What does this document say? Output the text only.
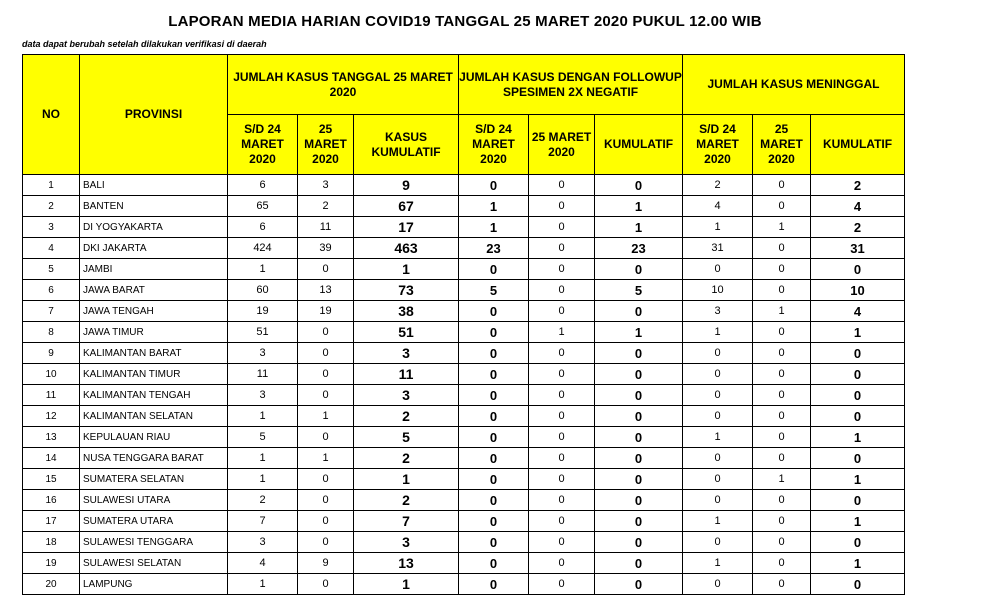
LAPORAN MEDIA HARIAN COVID19 TANGGAL 25 MARET 2020 PUKUL 12.00 WIB
data dapat berubah setelah dilakukan verifikasi di daerah
NO	PROVINSI	JUMLAH KASUS TANGGAL 25 MARET 2020			JUMLAH KASUS DENGAN FOLLOWUP SPESIMEN 2X NEGATIF			JUMLAH KASUS MENINGGAL		
		S/D 24 MARET 2020	25 MARET 2020	KASUS KUMULATIF	S/D 24 MARET 2020	25 MARET 2020	KUMULATIF	S/D 24 MARET 2020	25 MARET 2020	KUMULATIF
1	BALI	6	3	9	0	0	0	2	0	2
2	BANTEN	65	2	67	1	0	1	4	0	4
3	DI YOGYAKARTA	6	11	17	1	0	1	1	1	2
4	DKI JAKARTA	424	39	463	23	0	23	31	0	31
5	JAMBI	1	0	1	0	0	0	0	0	0
6	JAWA BARAT	60	13	73	5	0	5	10	0	10
7	JAWA TENGAH	19	19	38	0	0	0	3	1	4
8	JAWA TIMUR	51	0	51	0	1	1	1	0	1
9	KALIMANTAN BARAT	3	0	3	0	0	0	0	0	0
10	KALIMANTAN TIMUR	11	0	11	0	0	0	0	0	0
11	KALIMANTAN TENGAH	3	0	3	0	0	0	0	0	0
12	KALIMANTAN SELATAN	1	1	2	0	0	0	0	0	0
13	KEPULAUAN RIAU	5	0	5	0	0	0	1	0	1
14	NUSA TENGGARA BARAT	1	1	2	0	0	0	0	0	0
15	SUMATERA SELATAN	1	0	1	0	0	0	0	1	1
16	SULAWESI UTARA	2	0	2	0	0	0	0	0	0
17	SUMATERA UTARA	7	0	7	0	0	0	1	0	1
18	SULAWESI TENGGARA	3	0	3	0	0	0	0	0	0
19	SULAWESI SELATAN	4	9	13	0	0	0	1	0	1
20	LAMPUNG	1	0	1	0	0	0	0	0	0
